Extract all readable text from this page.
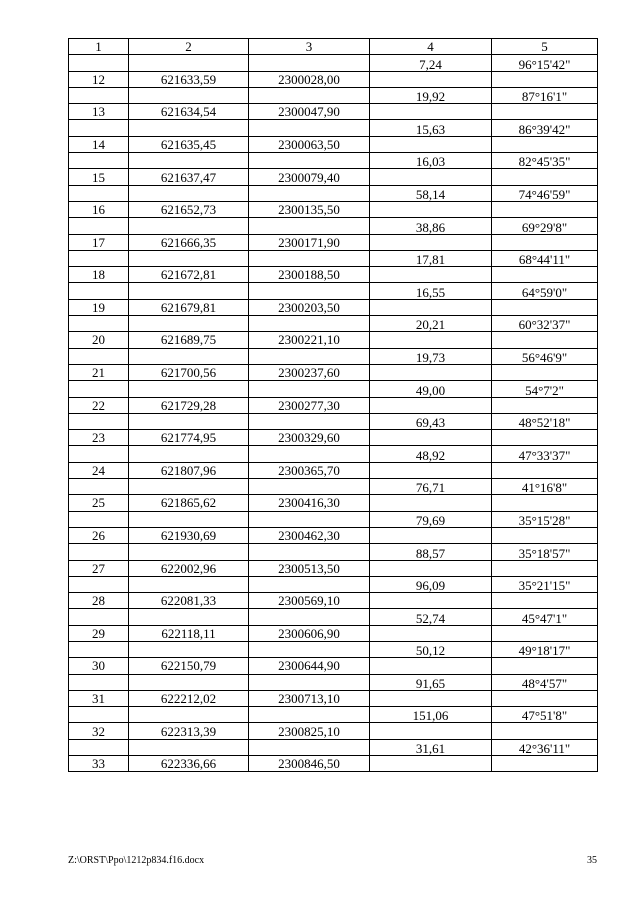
1	2	3	4	5
			7,24	96°15'42"
12	621633,59	2300028,00		
			19,92	87°16'1"
13	621634,54	2300047,90		
			15,63	86°39'42"
14	621635,45	2300063,50		
			16,03	82°45'35"
15	621637,47	2300079,40		
			58,14	74°46'59"
16	621652,73	2300135,50		
			38,86	69°29'8"
17	621666,35	2300171,90		
			17,81	68°44'11"
18	621672,81	2300188,50		
			16,55	64°59'0"
19	621679,81	2300203,50		
			20,21	60°32'37"
20	621689,75	2300221,10		
			19,73	56°46'9"
21	621700,56	2300237,60		
			49,00	54°7'2"
22	621729,28	2300277,30		
			69,43	48°52'18"
23	621774,95	2300329,60		
			48,92	47°33'37"
24	621807,96	2300365,70		
			76,71	41°16'8"
25	621865,62	2300416,30		
			79,69	35°15'28"
26	621930,69	2300462,30		
			88,57	35°18'57"
27	622002,96	2300513,50		
			96,09	35°21'15"
28	622081,33	2300569,10		
			52,74	45°47'1"
29	622118,11	2300606,90		
			50,12	49°18'17"
30	622150,79	2300644,90		
			91,65	48°4'57"
31	622212,02	2300713,10		
			151,06	47°51'8"
32	622313,39	2300825,10		
			31,61	42°36'11"
33	622336,66	2300846,50		
Z:\ORST\Ppo\1212p834.f16.docx	35
